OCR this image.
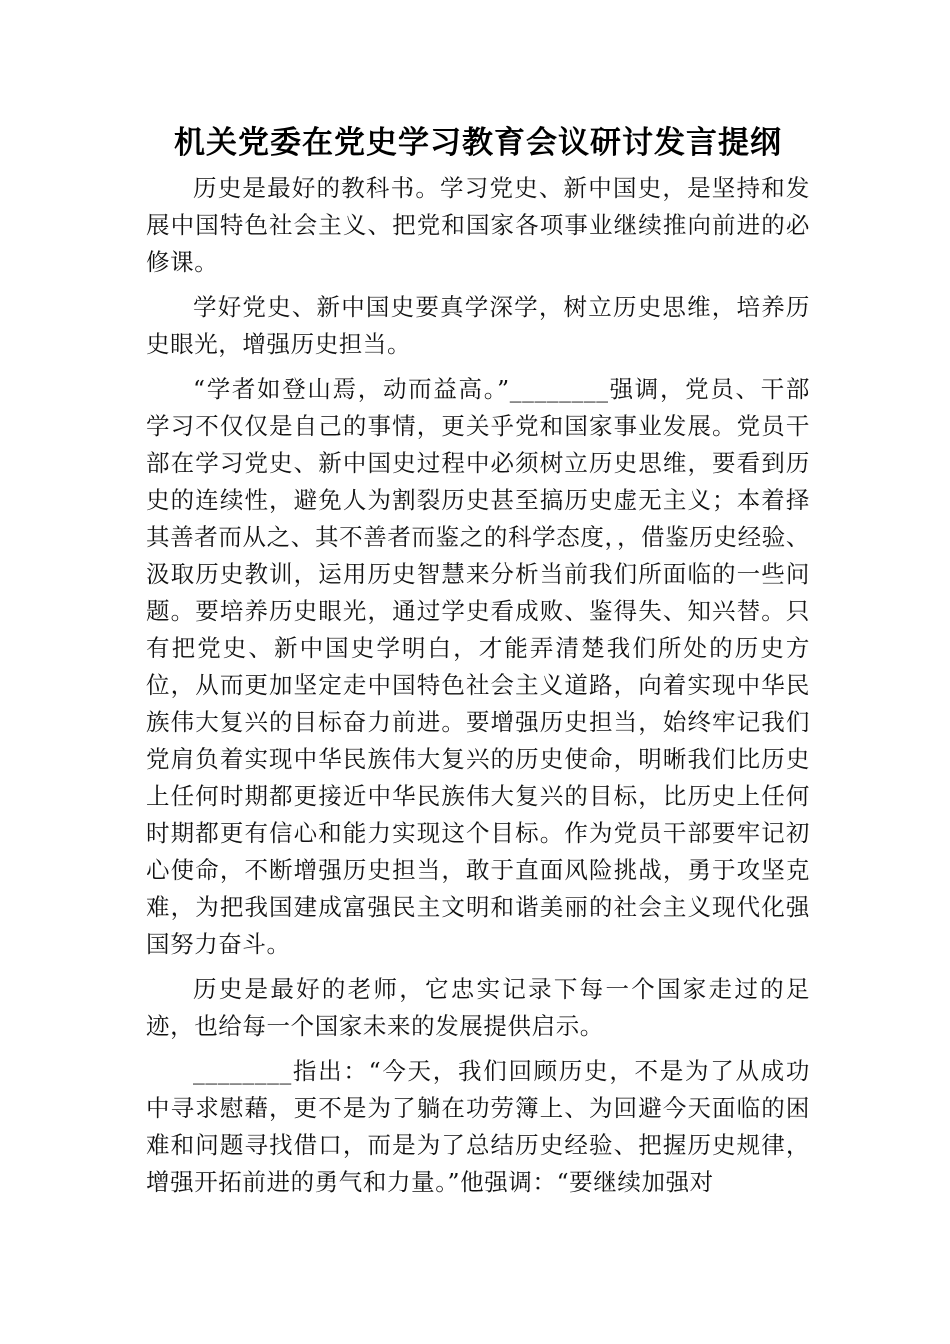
机关党委在党史学习教育会议研讨发言提纲

历史是最好的教科书。学习党史、新中国史，是坚持和发展中国特色社会主义、把党和国家各项事业继续推向前进的必修课。

学好党史、新中国史要真学深学，树立历史思维，培养历史眼光，增强历史担当。

“学者如登山焉，动而益高。”________强调，党员、干部学习不仅仅是自己的事情，更关乎党和国家事业发展。党员干部在学习党史、新中国史过程中必须树立历史思维，要看到历史的连续性，避免人为割裂历史甚至搞历史虚无主义；本着择其善者而从之、其不善者而鉴之的科学态度，，借鉴历史经验、汲取历史教训，运用历史智慧来分析当前我们所面临的一些问题。要培养历史眼光，通过学史看成败、鉴得失、知兴替。只有把党史、新中国史学明白，才能弄清楚我们所处的历史方位，从而更加坚定走中国特色社会主义道路，向着实现中华民族伟大复兴的目标奋力前进。要增强历史担当，始终牢记我们党肩负着实现中华民族伟大复兴的历史使命，明晰我们比历史上任何时期都更接近中华民族伟大复兴的目标，比历史上任何时期都更有信心和能力实现这个目标。作为党员干部要牢记初心使命，不断增强历史担当，敢于直面风险挑战，勇于攻坚克难，为把我国建成富强民主文明和谐美丽的社会主义现代化强国努力奋斗。

历史是最好的老师，它忠实记录下每一个国家走过的足迹，也给每一个国家未来的发展提供启示。

________指出：“今天，我们回顾历史，不是为了从成功中寻求慰藉，更不是为了躺在功劳簿上、为回避今天面临的困难和问题寻找借口，而是为了总结历史经验、把握历史规律，增强开拓前进的勇气和力量。”他强调：“要继续加强对
